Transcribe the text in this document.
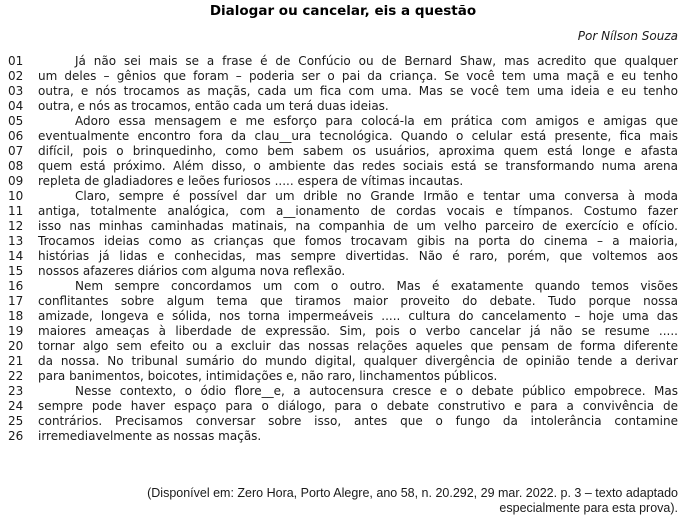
Dialogar ou cancelar, eis a questão
Por Nílson Souza
01	Já não sei mais se a frase é de Confúcio ou de Bernard Shaw, mas acredito que qualquer
02	um deles – gênios que foram – poderia ser o pai da criança. Se você tem uma maçã e eu tenho
03	outra, e nós trocamos as maçãs, cada um fica com uma. Mas se você tem uma ideia e eu tenho
04	outra, e nós as trocamos, então cada um terá duas ideias.
05	Adoro essa mensagem e me esforço para colocá-la em prática com amigos e amigas que
06	eventualmente encontro fora da clau__ura tecnológica. Quando o celular está presente, fica mais
07	difícil, pois o brinquedinho, como bem sabem os usuários, aproxima quem está longe e afasta
08	quem está próximo. Além disso, o ambiente das redes sociais está se transformando numa arena
09	repleta de gladiadores e leões furiosos ..... espera de vítimas incautas.
10	Claro, sempre é possível dar um drible no Grande Irmão e tentar uma conversa à moda
11	antiga, totalmente analógica, com a__ionamento de cordas vocais e tímpanos. Costumo fazer
12	isso nas minhas caminhadas matinais, na companhia de um velho parceiro de exercício e ofício.
13	Trocamos ideias como as crianças que fomos trocavam gibis na porta do cinema – a maioria,
14	histórias já lidas e conhecidas, mas sempre divertidas. Não é raro, porém, que voltemos aos
15	nossos afazeres diários com alguma nova reflexão.
16	Nem sempre concordamos um com o outro. Mas é exatamente quando temos visões
17	conflitantes sobre algum tema que tiramos maior proveito do debate. Tudo porque nossa
18	amizade, longeva e sólida, nos torna impermeáveis ..... cultura do cancelamento – hoje uma das
19	maiores ameaças à liberdade de expressão. Sim, pois o verbo cancelar já não se resume .....
20	tornar algo sem efeito ou a excluir das nossas relações aqueles que pensam de forma diferente
21	da nossa. No tribunal sumário do mundo digital, qualquer divergência de opinião tende a derivar
22	para banimentos, boicotes, intimidações e, não raro, linchamentos públicos.
23	Nesse contexto, o ódio flore__e, a autocensura cresce e o debate público empobrece. Mas
24	sempre pode haver espaço para o diálogo, para o debate construtivo e para a convivência de
25	contrários. Precisamos conversar sobre isso, antes que o fungo da intolerância contamine
26	irremediavelmente as nossas maçãs.
(Disponível em: Zero Hora, Porto Alegre, ano 58, n. 20.292, 29 mar. 2022. p. 3 – texto adaptado
especialmente para esta prova).
